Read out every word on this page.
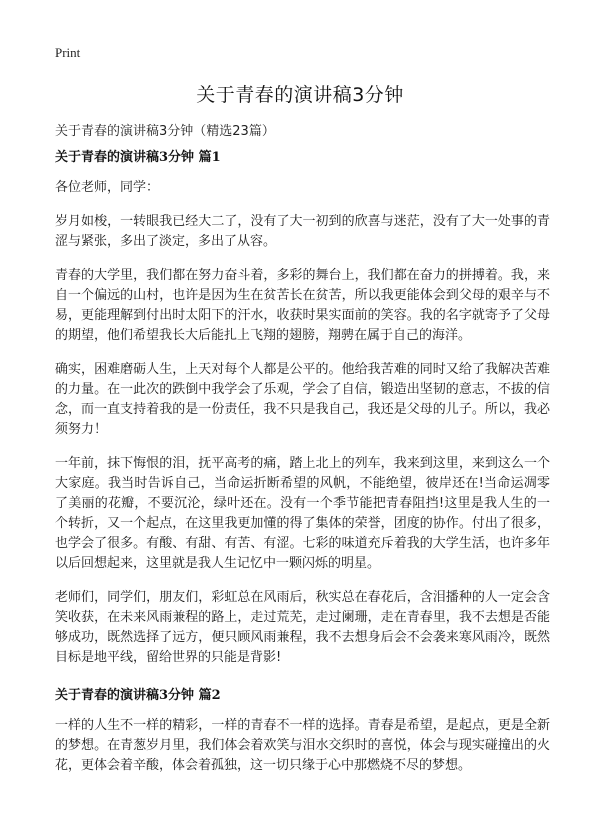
Print
关于青春的演讲稿3分钟
关于青春的演讲稿3分钟（精选23篇）
关于青春的演讲稿3分钟 篇1

各位老师，同学：

岁月如梭，一转眼我已经大二了，没有了大一初到的欣喜与迷茫，没有了大一处事的青涩与紧张，多出了淡定，多出了从容。

青春的大学里，我们都在努力奋斗着，多彩的舞台上，我们都在奋力的拼搏着。我，来自一个偏远的山村，也许是因为生在贫苦长在贫苦，所以我更能体会到父母的艰辛与不易，更能理解到付出时太阳下的汗水，收获时果实面前的笑容。我的名字就寄予了父母的期望，他们希望我长大后能扎上飞翔的翅膀，翔骋在属于自己的海洋。

确实，困难磨砺人生，上天对每个人都是公平的。他给我苦难的同时又给了我解决苦难的力量。在一此次的跌倒中我学会了乐观，学会了自信，锻造出坚韧的意志，不拔的信念，而一直支持着我的是一份责任，我不只是我自己，我还是父母的儿子。所以，我必须努力！

一年前，抹下悔恨的泪，抚平高考的痛，踏上北上的列车，我来到这里，来到这么一个大家庭。我当时告诉自己，当命运折断希望的风帆，不能绝望，彼岸还在!当命运凋零了美丽的花瓣，不要沉沦，绿叶还在。没有一个季节能把青春阻挡!这里是我人生的一个转折，又一个起点，在这里我更加懂的得了集体的荣誉，团度的协作。付出了很多，也学会了很多。有酸、有甜、有苦、有涩。七彩的味道充斥着我的大学生活，也许多年以后回想起来，这里就是我人生记忆中一颗闪烁的明星。

老师们，同学们，朋友们，彩虹总在风雨后，秋实总在春花后，含泪播种的人一定会含笑收获，在未来风雨兼程的路上，走过荒芜，走过阑珊，走在青春里，我不去想是否能够成功，既然选择了远方，便只顾风雨兼程，我不去想身后会不会袭来寒风雨冷，既然目标是地平线，留给世界的只能是背影!

关于青春的演讲稿3分钟 篇2

一样的人生不一样的精彩，一样的青春不一样的选择。青春是希望，是起点，更是全新的梦想。在青葱岁月里，我们体会着欢笑与泪水交织时的喜悦，体会与现实碰撞出的火花，更体会着辛酸，体会着孤独，这一切只缘于心中那燃烧不尽的梦想。
